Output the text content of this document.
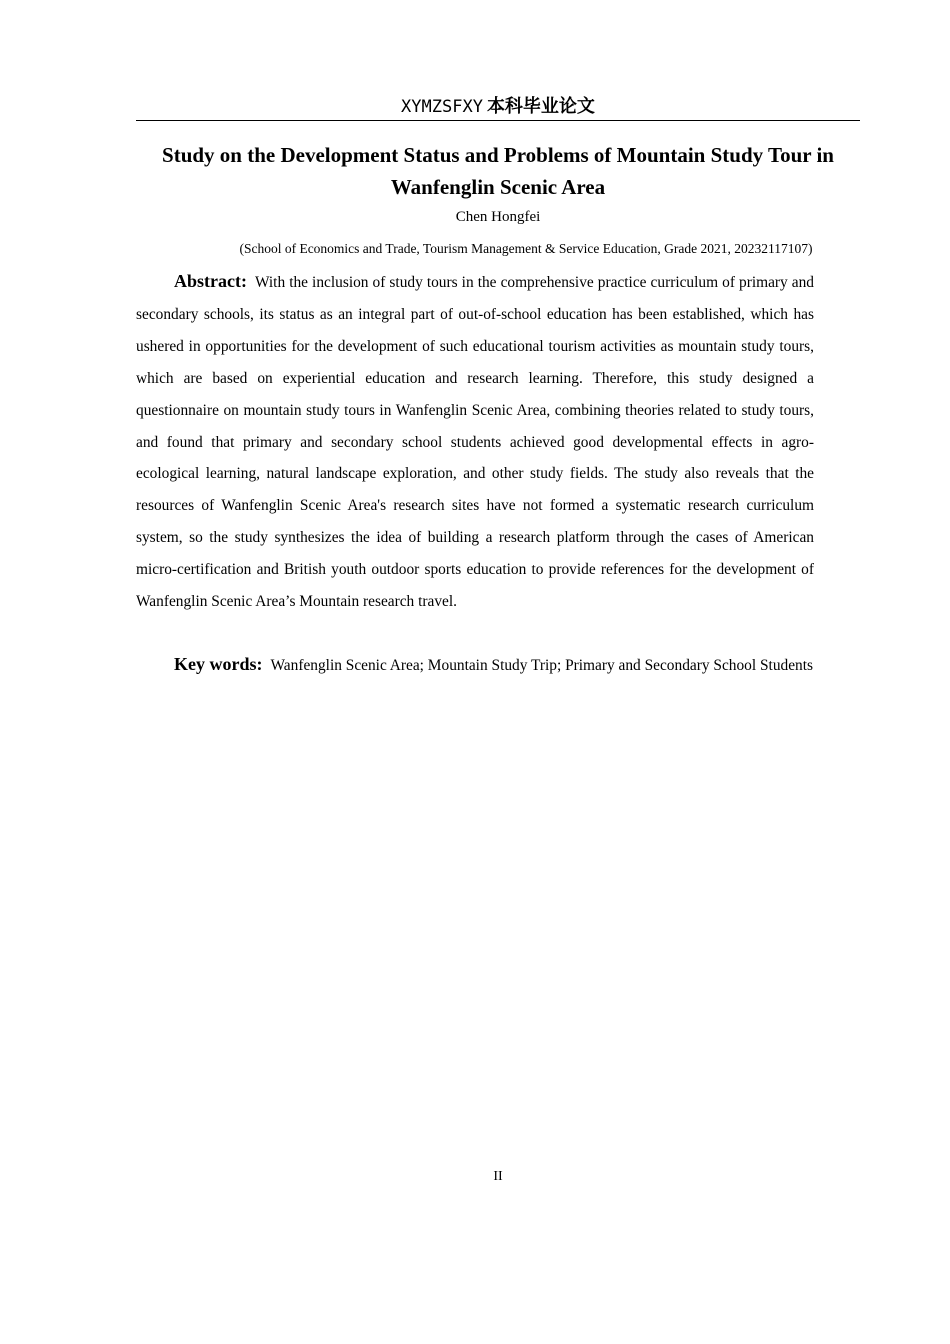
XYMZSFXY 本科毕业论文
Study on the Development Status and Problems of Mountain Study Tour in Wanfenglin Scenic Area
Chen Hongfei
(School of Economics and Trade, Tourism Management & Service Education, Grade 2021, 20232117107)

Abstract: With the inclusion of study tours in the comprehensive practice curriculum of primary and secondary schools, its status as an integral part of out-of-school education has been established, which has ushered in opportunities for the development of such educational tourism activities as mountain study tours, which are based on experiential education and research learning. Therefore, this study designed a questionnaire on mountain study tours in Wanfenglin Scenic Area, combining theories related to study tours, and found that primary and secondary school students achieved good developmental effects in agro-ecological learning, natural landscape exploration, and other study fields. The study also reveals that the resources of Wanfenglin Scenic Area's research sites have not formed a systematic research curriculum system, so the study synthesizes the idea of building a research platform through the cases of American micro-certification and British youth outdoor sports education to provide references for the development of Wanfenglin Scenic Area’s Mountain research travel.

Key words: Wanfenglin Scenic Area; Mountain Study Trip; Primary and Secondary School Students

II
